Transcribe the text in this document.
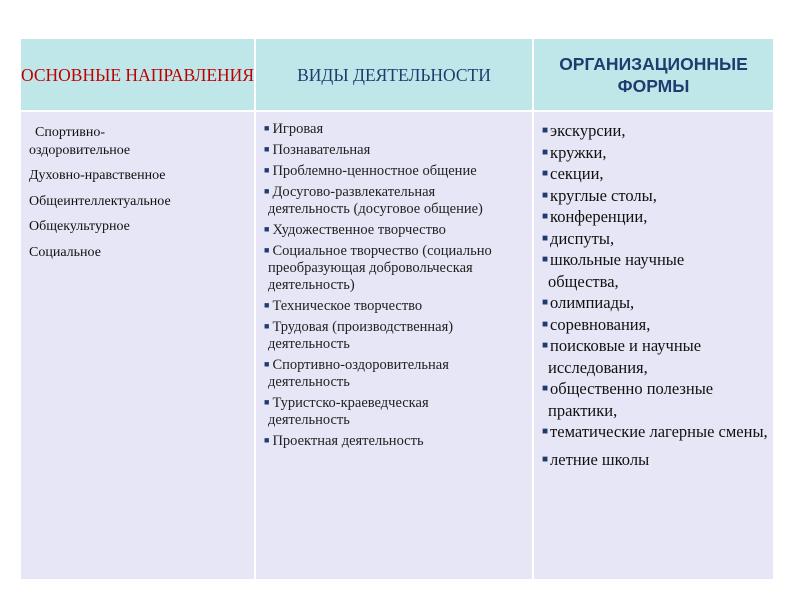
ОСНОВНЫЕ НАПРАВЛЕНИЯ ВИДЫ ДЕЯТЕЛЬНОСТИ
ОРГАНИЗАЦИОННЫЕ ФОРМЫ
Спортивно-оздоровительное
Духовно-нравственное
Общеинтеллектуальное
Общекультурное
Социальное
■ Игровая
■ Познавательная
■ Проблемно-ценностное общение
■ Досугово-развлекательная деятельность (досуговое общение)
■ Художественное творчество
■ Социальное творчество (социально преобразующая добровольческая деятельность)
■ Техническое творчество
■ Трудовая (производственная) деятельность
■ Спортивно-оздоровительная деятельность
■ Туристско-краеведческая деятельность
■ Проектная деятельность
■ экскурсии,
■ кружки,
■ секции,
■ круглые столы,
■ конференции,
■ диспуты,
■ школьные научные общества,
■ олимпиады,
■ соревнования,
■ поисковые и научные исследования,
■ общественно полезные практики,
■ тематические лагерные смены,
■ летние школы
